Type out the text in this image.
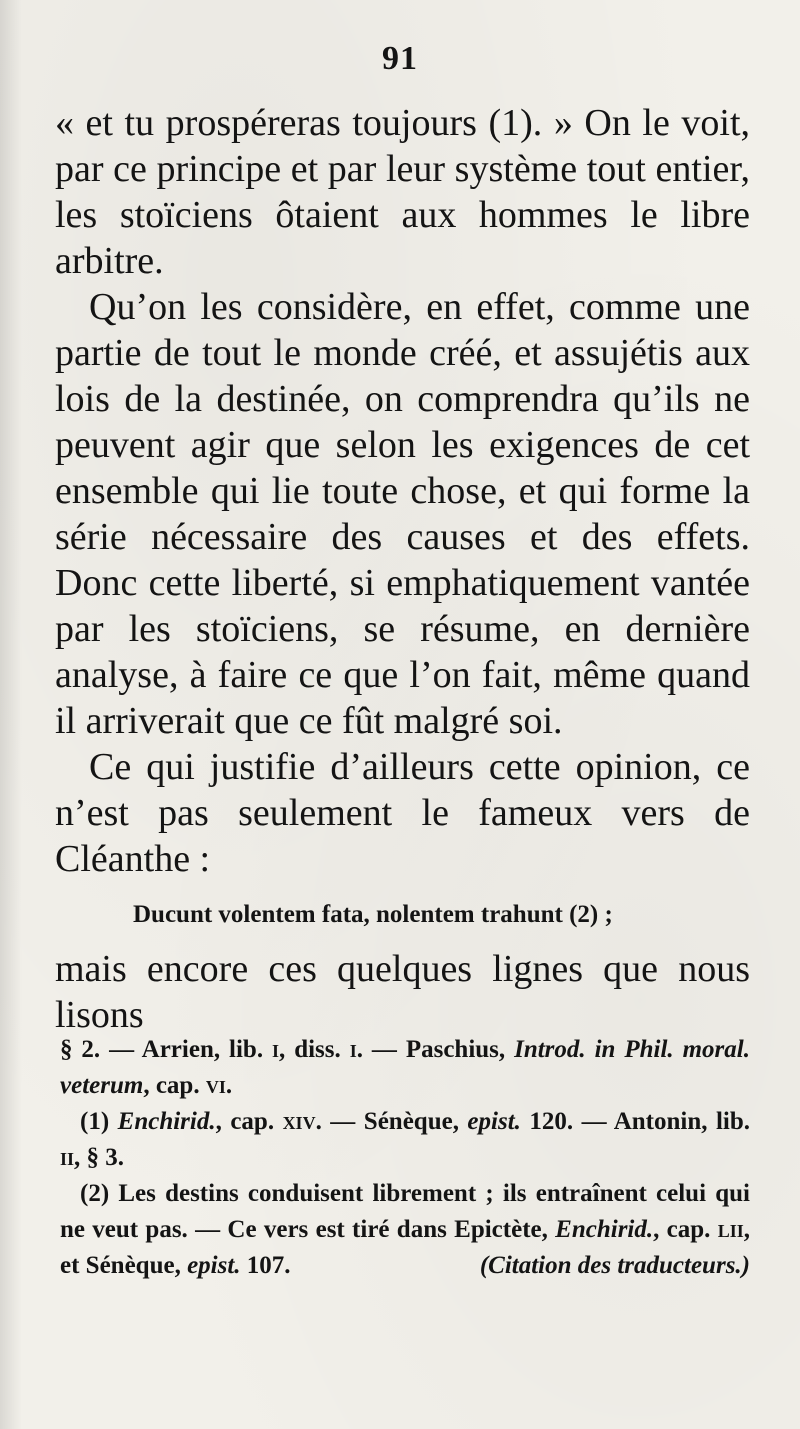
91

« et tu prospéreras toujours (1). » On le voit, par ce principe et par leur système tout entier, les stoïciens ôtaient aux hommes le libre arbitre.

Qu’on les considère, en effet, comme une partie de tout le monde créé, et assujétis aux lois de la destinée, on comprendra qu’ils ne peuvent agir que selon les exigences de cet ensemble qui lie toute chose, et qui forme la série nécessaire des causes et des effets. Donc cette liberté, si emphatiquement vantée par les stoïciens, se résume, en dernière analyse, à faire ce que l’on fait, même quand il arriverait que ce fût malgré soi.

Ce qui justifie d’ailleurs cette opinion, ce n’est pas seulement le fameux vers de Cléanthe :

Ducunt volentem fata, nolentem trahunt (2) ;

mais encore ces quelques lignes que nous lisons

§ 2. — Arrien, lib. i, diss. i. — Paschius, Introd. in Phil. moral. veterum, cap. vi.

(1) Enchirid., cap. xiv. — Sénèque, epist. 120. — Antonin, lib. ii, § 3.

(2) Les destins conduisent librement ; ils entraînent celui qui ne veut pas. — Ce vers est tiré dans Epictète, Enchirid., cap. lii, et Sénèque, epist. 107.	(Citation des traducteurs.)
